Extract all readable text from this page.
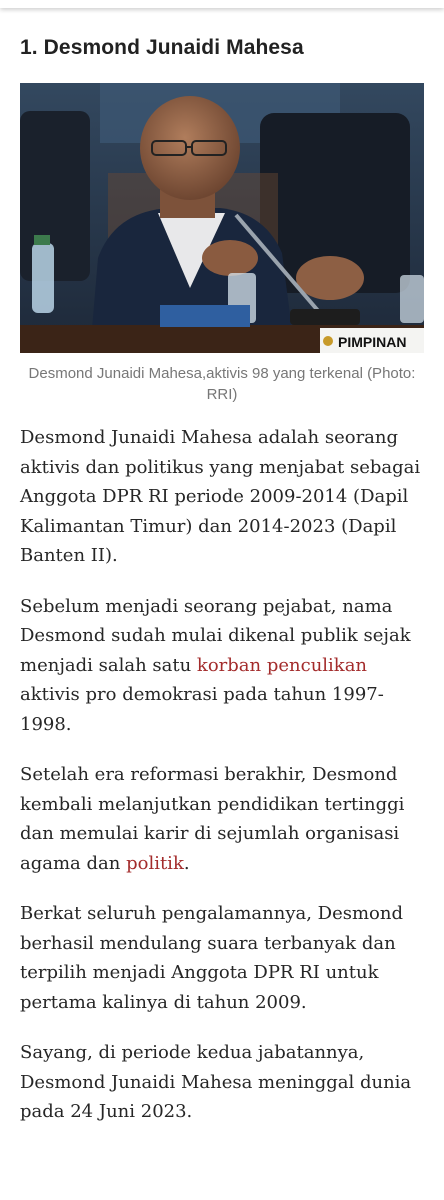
1. Desmond Junaidi Mahesa
PIMPINAN
Desmond Junaidi Mahesa,aktivis 98 yang terkenal (Photo: RRI)

Desmond Junaidi Mahesa adalah seorang aktivis dan politikus yang menjabat sebagai Anggota DPR RI periode 2009-2014 (Dapil Kalimantan Timur) dan 2014-2023 (Dapil Banten II).

Sebelum menjadi seorang pejabat, nama Desmond sudah mulai dikenal publik sejak menjadi salah satu korban penculikan aktivis pro demokrasi pada tahun 1997-1998.

Setelah era reformasi berakhir, Desmond kembali melanjutkan pendidikan tertinggi dan memulai karir di sejumlah organisasi agama dan politik.

Berkat seluruh pengalamannya, Desmond berhasil mendulang suara terbanyak dan terpilih menjadi Anggota DPR RI untuk pertama kalinya di tahun 2009.

Sayang, di periode kedua jabatannya, Desmond Junaidi Mahesa meninggal dunia pada 24 Juni 2023.
